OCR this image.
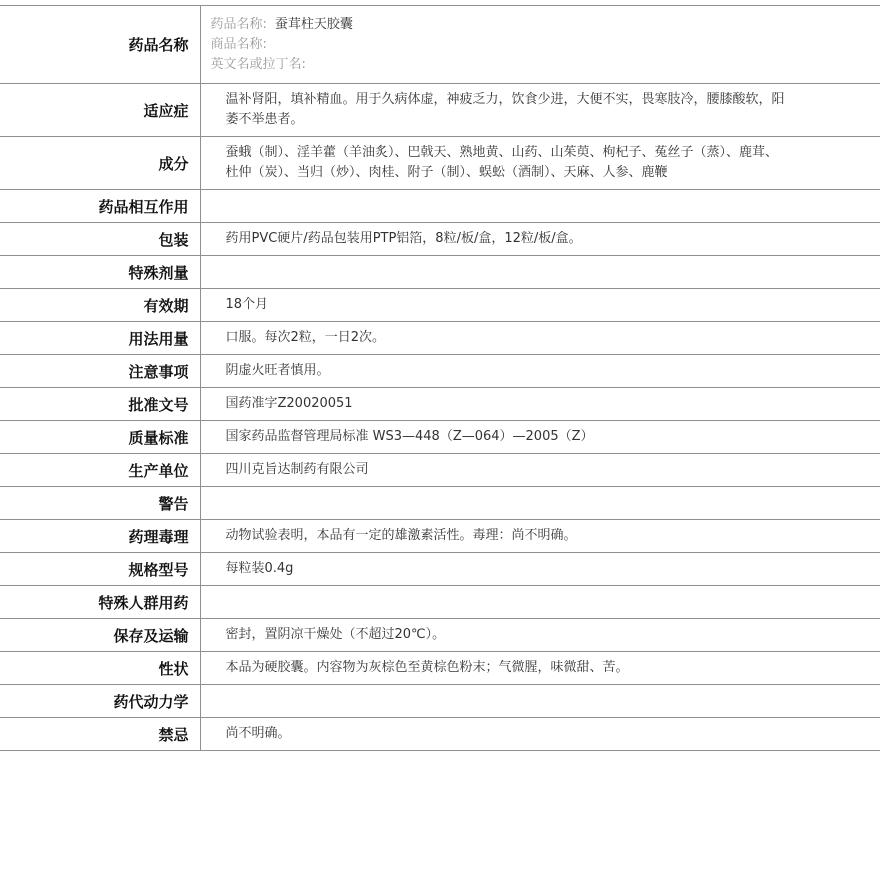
药品名称	药品名称: 蚕茸柱天胶囊
商品名称:
英文名或拉丁名:

适应症	温补肾阳，填补精血。用于久病体虚，神疲乏力，饮食少进，大便不实，畏寒肢冷，腰膝酸软，阳萎不举患者。
成分	蚕蛾（制）、淫羊藿（羊油炙）、巴戟天、熟地黄、山药、山茱萸、枸杞子、菟丝子（蒸）、鹿茸、杜仲（炭）、当归（炒）、肉桂、附子（制）、蜈蚣（酒制）、天麻、人参、鹿鞭
药品相互作用	
包装	药用PVC硬片/药品包装用PTP铝箔，8粒/板/盒，12粒/板/盒。
特殊剂量	
有效期	18个月
用法用量	口服。每次2粒，一日2次。
注意事项	阴虚火旺者慎用。
批准文号	国药准字Z20020051
质量标准	国家药品监督管理局标准 WS3—448（Z—064）—2005（Z）
生产单位	四川克旨达制药有限公司
警告	
药理毒理	动物试验表明，本品有一定的雄激素活性。毒理：尚不明确。
规格型号	每粒装0.4g
特殊人群用药	
保存及运输	密封，置阴凉干燥处（不超过20℃）。
性状	本品为硬胶囊。内容物为灰棕色至黄棕色粉末；气微腥，味微甜、苦。
药代动力学	
禁忌	尚不明确。
